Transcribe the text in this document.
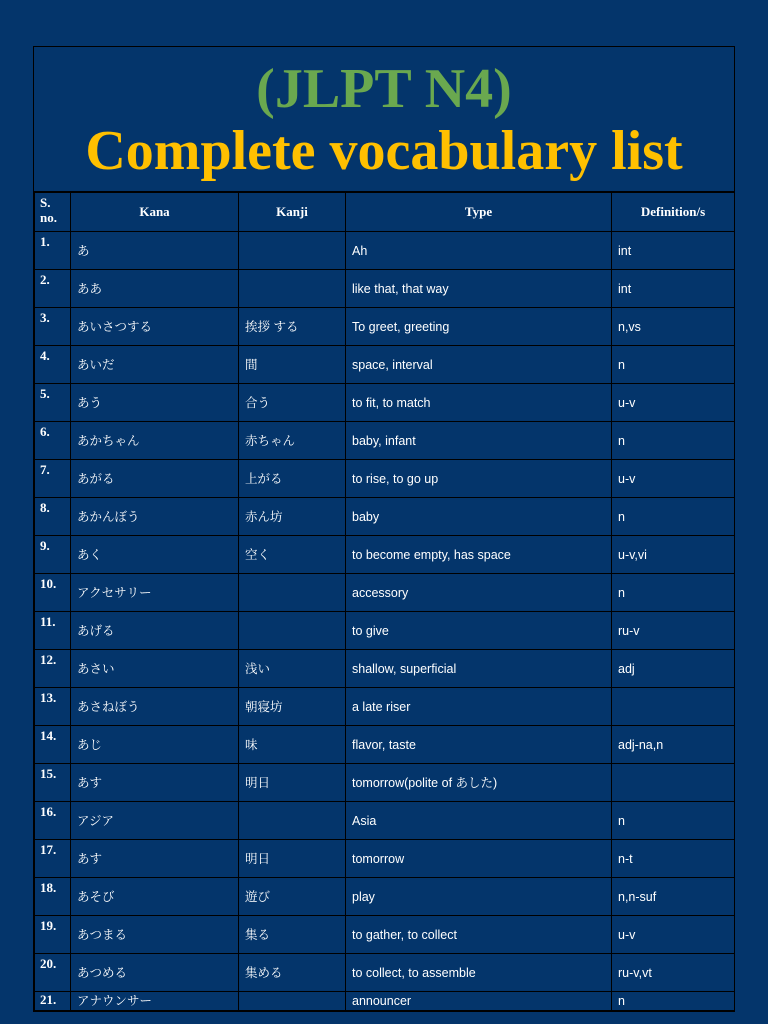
(JLPT N4)
Complete vocabulary list
S. no.	Kana	Kanji	Type	Definition/s

1.	あ		Ah	int

2.	ああ		like that, that way	int

3.	あいさつする	挨拶 する	To greet, greeting	n,vs

4.	あいだ	間	space, interval	n

5.	あう	合う	to fit, to match	u-v

6.	あかちゃん	赤ちゃん	baby, infant	n

7.	あがる	上がる	to rise, to go up	u-v

8.	あかんぼう	赤ん坊	baby	n

9.	あく	空く	to become empty, has space	u-v,vi

10.	アクセサリー		accessory	n

11.	あげる		to give	ru-v

12.	あさい	浅い	shallow, superficial	adj

13.	あさねぼう	朝寝坊	a late riser	

14.	あじ	味	flavor, taste	adj-na,n

15.	あす	明日	tomorrow(polite of あした)	

16.	アジア		Asia	n

17.	あす	明日	tomorrow	n-t

18.	あそび	遊び	play	n,n-suf

19.	あつまる	集る	to gather, to collect	u-v

20.	あつめる	集める	to collect, to assemble	ru-v,vt

21.	アナウンサー		announcer	n
